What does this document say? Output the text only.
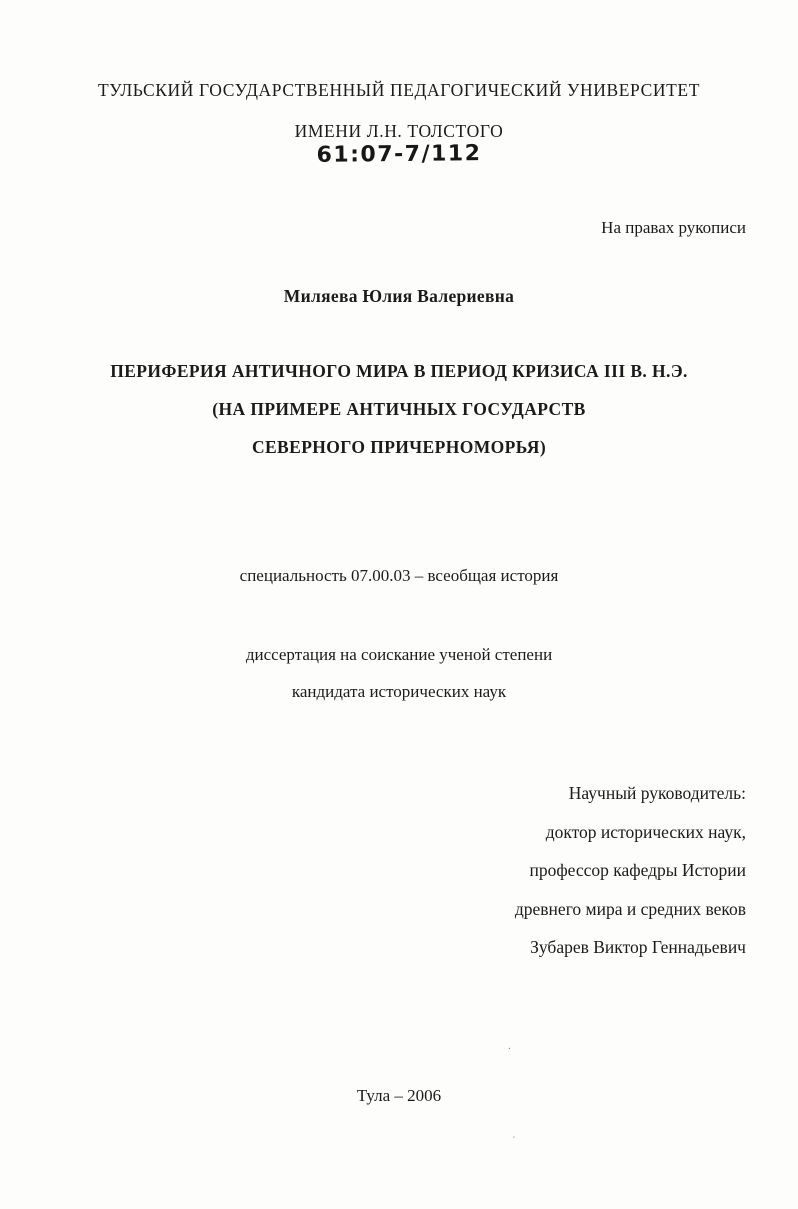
ТУЛЬСКИЙ ГОСУДАРСТВЕННЫЙ ПЕДАГОГИЧЕСКИЙ УНИВЕРСИТЕТ
ИМЕНИ Л.Н. ТОЛСТОГО
61:07-7/112
На правах рукописи
Миляева Юлия Валериевна
ПЕРИФЕРИЯ АНТИЧНОГО МИРА В ПЕРИОД КРИЗИСА III В. Н.Э.
(НА ПРИМЕРЕ АНТИЧНЫХ ГОСУДАРСТВ
СЕВЕРНОГО ПРИЧЕРНОМОРЬЯ)
специальность 07.00.03 – всеобщая история
диссертация на соискание ученой степени
кандидата исторических наук
Научный руководитель:
доктор исторических наук,
профессор кафедры Истории
древнего мира и средних веков
Зубарев Виктор Геннадьевич
Тула – 2006
.
´
